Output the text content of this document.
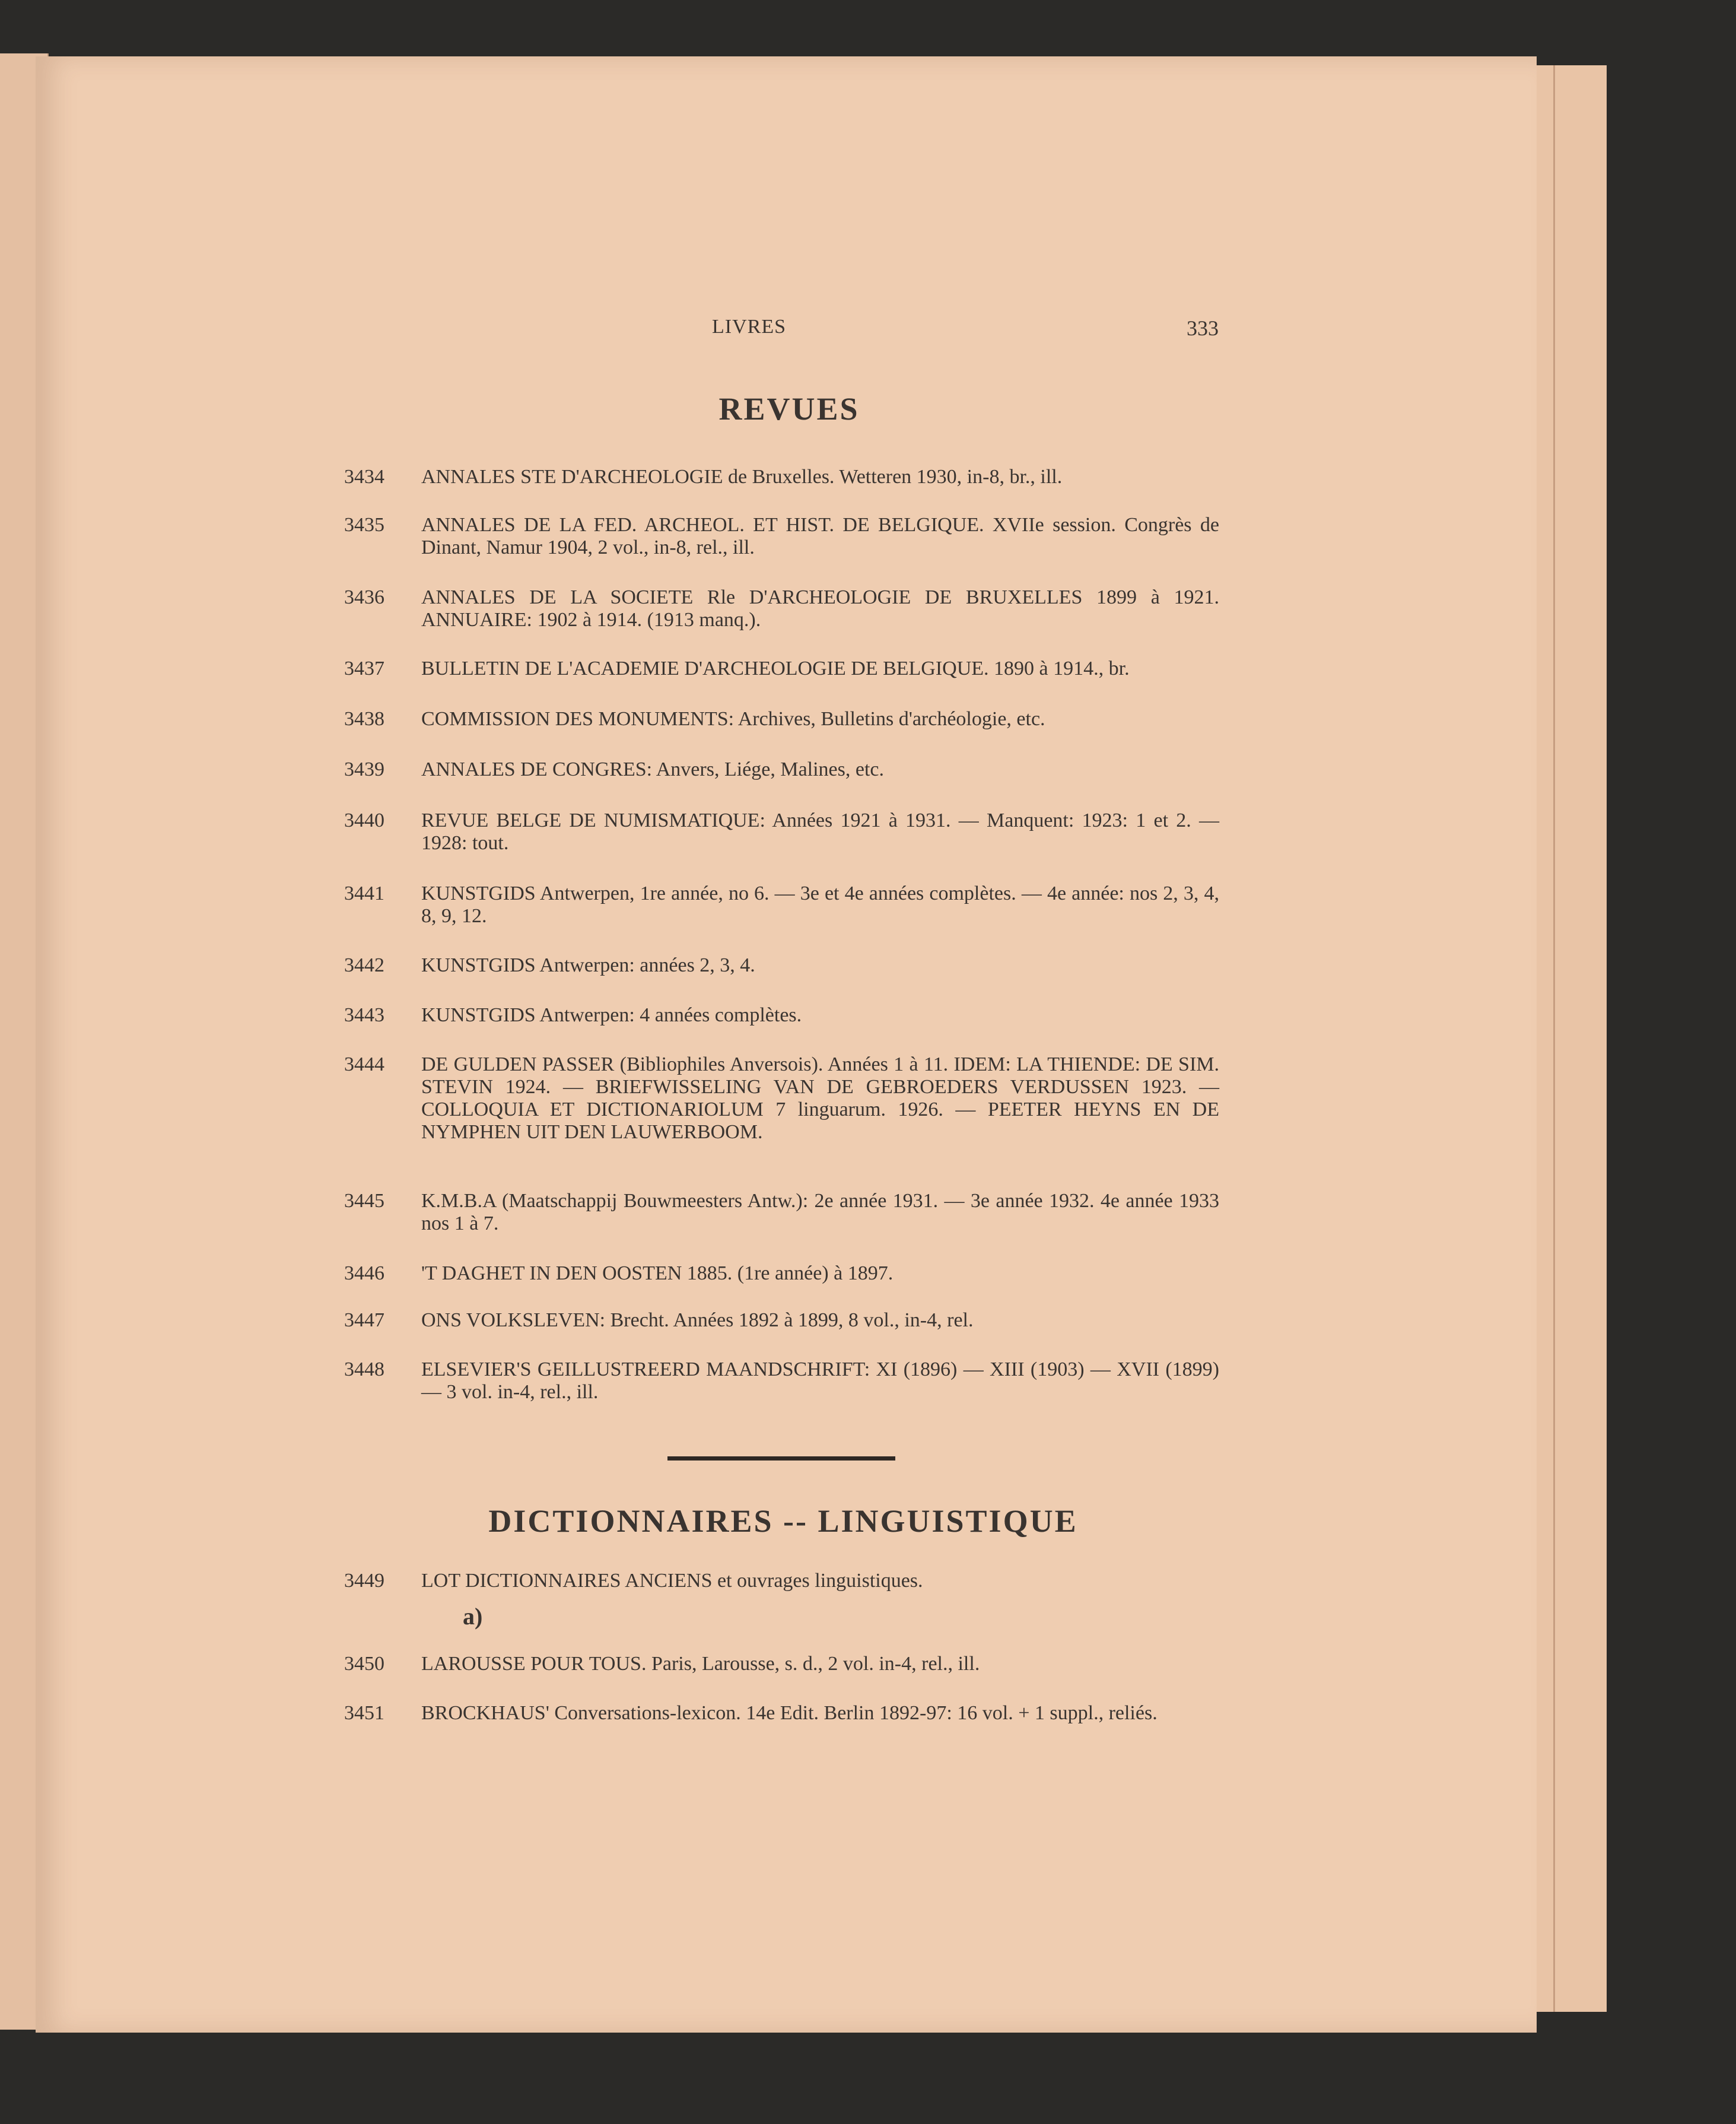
LIVRES	333
REVUES
3434	ANNALES STE D'ARCHEOLOGIE de Bruxelles. Wetteren 1930, in-8, br., ill.
3435	ANNALES DE LA FED. ARCHEOL. ET HIST. DE BELGIQUE. XVIIe session. Congrès de Dinant, Namur 1904, 2 vol., in-8, rel., ill.
3436	ANNALES DE LA SOCIETE Rle D'ARCHEOLOGIE DE BRUXELLES 1899 à 1921. ANNUAIRE: 1902 à 1914. (1913 manq.).
3437	BULLETIN DE L'ACADEMIE D'ARCHEOLOGIE DE BELGIQUE. 1890 à 1914., br.
3438	COMMISSION DES MONUMENTS: Archives, Bulletins d'archéologie, etc.
3439	ANNALES DE CONGRES: Anvers, Liége, Malines, etc.
3440	REVUE BELGE DE NUMISMATIQUE: Années 1921 à 1931. — Manquent: 1923: 1 et 2. — 1928: tout.
3441	KUNSTGIDS Antwerpen, 1re année, no 6. — 3e et 4e années complètes. — 4e année: nos 2, 3, 4, 8, 9, 12.
3442	KUNSTGIDS Antwerpen: années 2, 3, 4.
3443	KUNSTGIDS Antwerpen: 4 années complètes.
3444	DE GULDEN PASSER (Bibliophiles Anversois). Années 1 à 11. IDEM: LA THIENDE: DE SIM. STEVIN 1924. — BRIEFWISSELING VAN DE GEBROEDERS VERDUSSEN 1923. — COLLOQUIA ET DICTIONARIOLUM 7 linguarum. 1926. — PEETER HEYNS EN DE NYMPHEN UIT DEN LAUWERBOOM.
3445	K.M.B.A (Maatschappij Bouwmeesters Antw.): 2e année 1931. — 3e année 1932. 4e année 1933 nos 1 à 7.
3446	'T DAGHET IN DEN OOSTEN 1885. (1re année) à 1897.
3447	ONS VOLKSLEVEN: Brecht. Années 1892 à 1899, 8 vol., in-4, rel.
3448	ELSEVIER'S GEILLUSTREERD MAANDSCHRIFT: XI (1896) — XIII (1903) — XVII (1899) — 3 vol. in-4, rel., ill.
DICTIONNAIRES -- LINGUISTIQUE
3449	LOT DICTIONNAIRES ANCIENS et ouvrages linguistiques.
a)
3450	LAROUSSE POUR TOUS. Paris, Larousse, s. d., 2 vol. in-4, rel., ill.
3451	BROCKHAUS' Conversations-lexicon. 14e Edit. Berlin 1892-97: 16 vol. + 1 suppl., reliés.
